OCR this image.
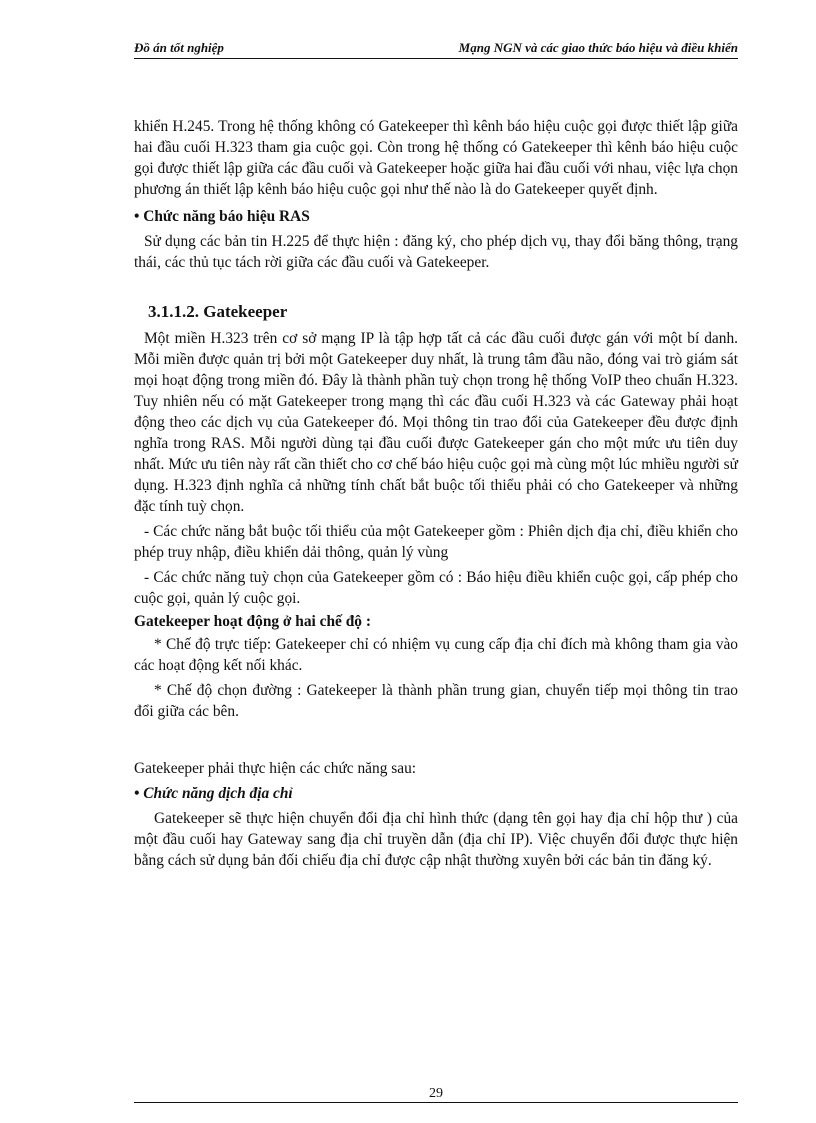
Đồ án tốt nghiệp	Mạng NGN và các giao thức báo hiệu và điều khiển

khiển H.245. Trong hệ thống không có Gatekeeper thì kênh báo hiệu cuộc gọi được thiết lập giữa hai đầu cuối H.323 tham gia cuộc gọi. Còn trong hệ thống có Gatekeeper thì kênh báo hiệu cuộc gọi được thiết lập giữa các đầu cuối và Gatekeeper hoặc giữa hai đầu cuối với nhau, việc lựa chọn phương án thiết lập kênh báo hiệu cuộc gọi như thế nào là do Gatekeeper quyết định.

• Chức năng báo hiệu RAS

Sử dụng các bản tin H.225 để thực hiện : đăng ký, cho phép dịch vụ, thay đổi băng thông, trạng thái, các thủ tục tách rời giữa các đầu cuối và Gatekeeper.

3.1.1.2. Gatekeeper

Một miền H.323 trên cơ sở mạng IP là tập hợp tất cả các đầu cuối được gán với một bí danh. Mỗi miền được quản trị bởi một Gatekeeper duy nhất, là trung tâm đầu não, đóng vai trò giám sát mọi hoạt động trong miền đó. Đây là thành phần tuỳ chọn trong hệ thống VoIP theo chuẩn H.323. Tuy nhiên nếu có mặt Gatekeeper trong mạng thì các đầu cuối H.323 và các Gateway phải hoạt động theo các dịch vụ của Gatekeeper đó. Mọi thông tin trao đổi của Gatekeeper đều được định nghĩa trong RAS. Mỗi người dùng tại đầu cuối được Gatekeeper gán cho một mức ưu tiên duy nhất. Mức ưu tiên này rất cần thiết cho cơ chế báo hiệu cuộc gọi mà cùng một lúc mhiều người sử dụng. H.323 định nghĩa cả những tính chất bắt buộc tối thiểu phải có cho Gatekeeper và những đặc tính tuỳ chọn.

- Các chức năng bắt buộc tối thiểu của một Gatekeeper gồm : Phiên dịch địa chỉ, điều khiển cho phép truy nhập, điều khiển dải thông, quản lý vùng

- Các chức năng tuỳ chọn của Gatekeeper gồm có : Báo hiệu điều khiển cuộc gọi, cấp phép cho cuộc gọi, quản lý cuộc gọi.

Gatekeeper hoạt động ở hai chế độ :

* Chế độ trực tiếp: Gatekeeper chỉ có nhiệm vụ cung cấp địa chỉ đích mà không tham gia vào các hoạt động kết nối khác.

* Chế độ chọn đường : Gatekeeper là thành phần trung gian, chuyển tiếp mọi thông tin trao đổi giữa các bên.

Gatekeeper phải thực hiện các chức năng sau:

• Chức năng dịch địa chỉ

Gatekeeper sẽ thực hiện chuyển đổi địa chỉ hình thức (dạng tên gọi hay địa chỉ hộp thư ) của một đầu cuối hay Gateway sang địa chỉ truyền dẫn (địa chỉ IP). Việc chuyển đổi được thực hiện bằng cách sử dụng bản đối chiếu địa chỉ được cập nhật thường xuyên bởi các bản tin đăng ký.

29
